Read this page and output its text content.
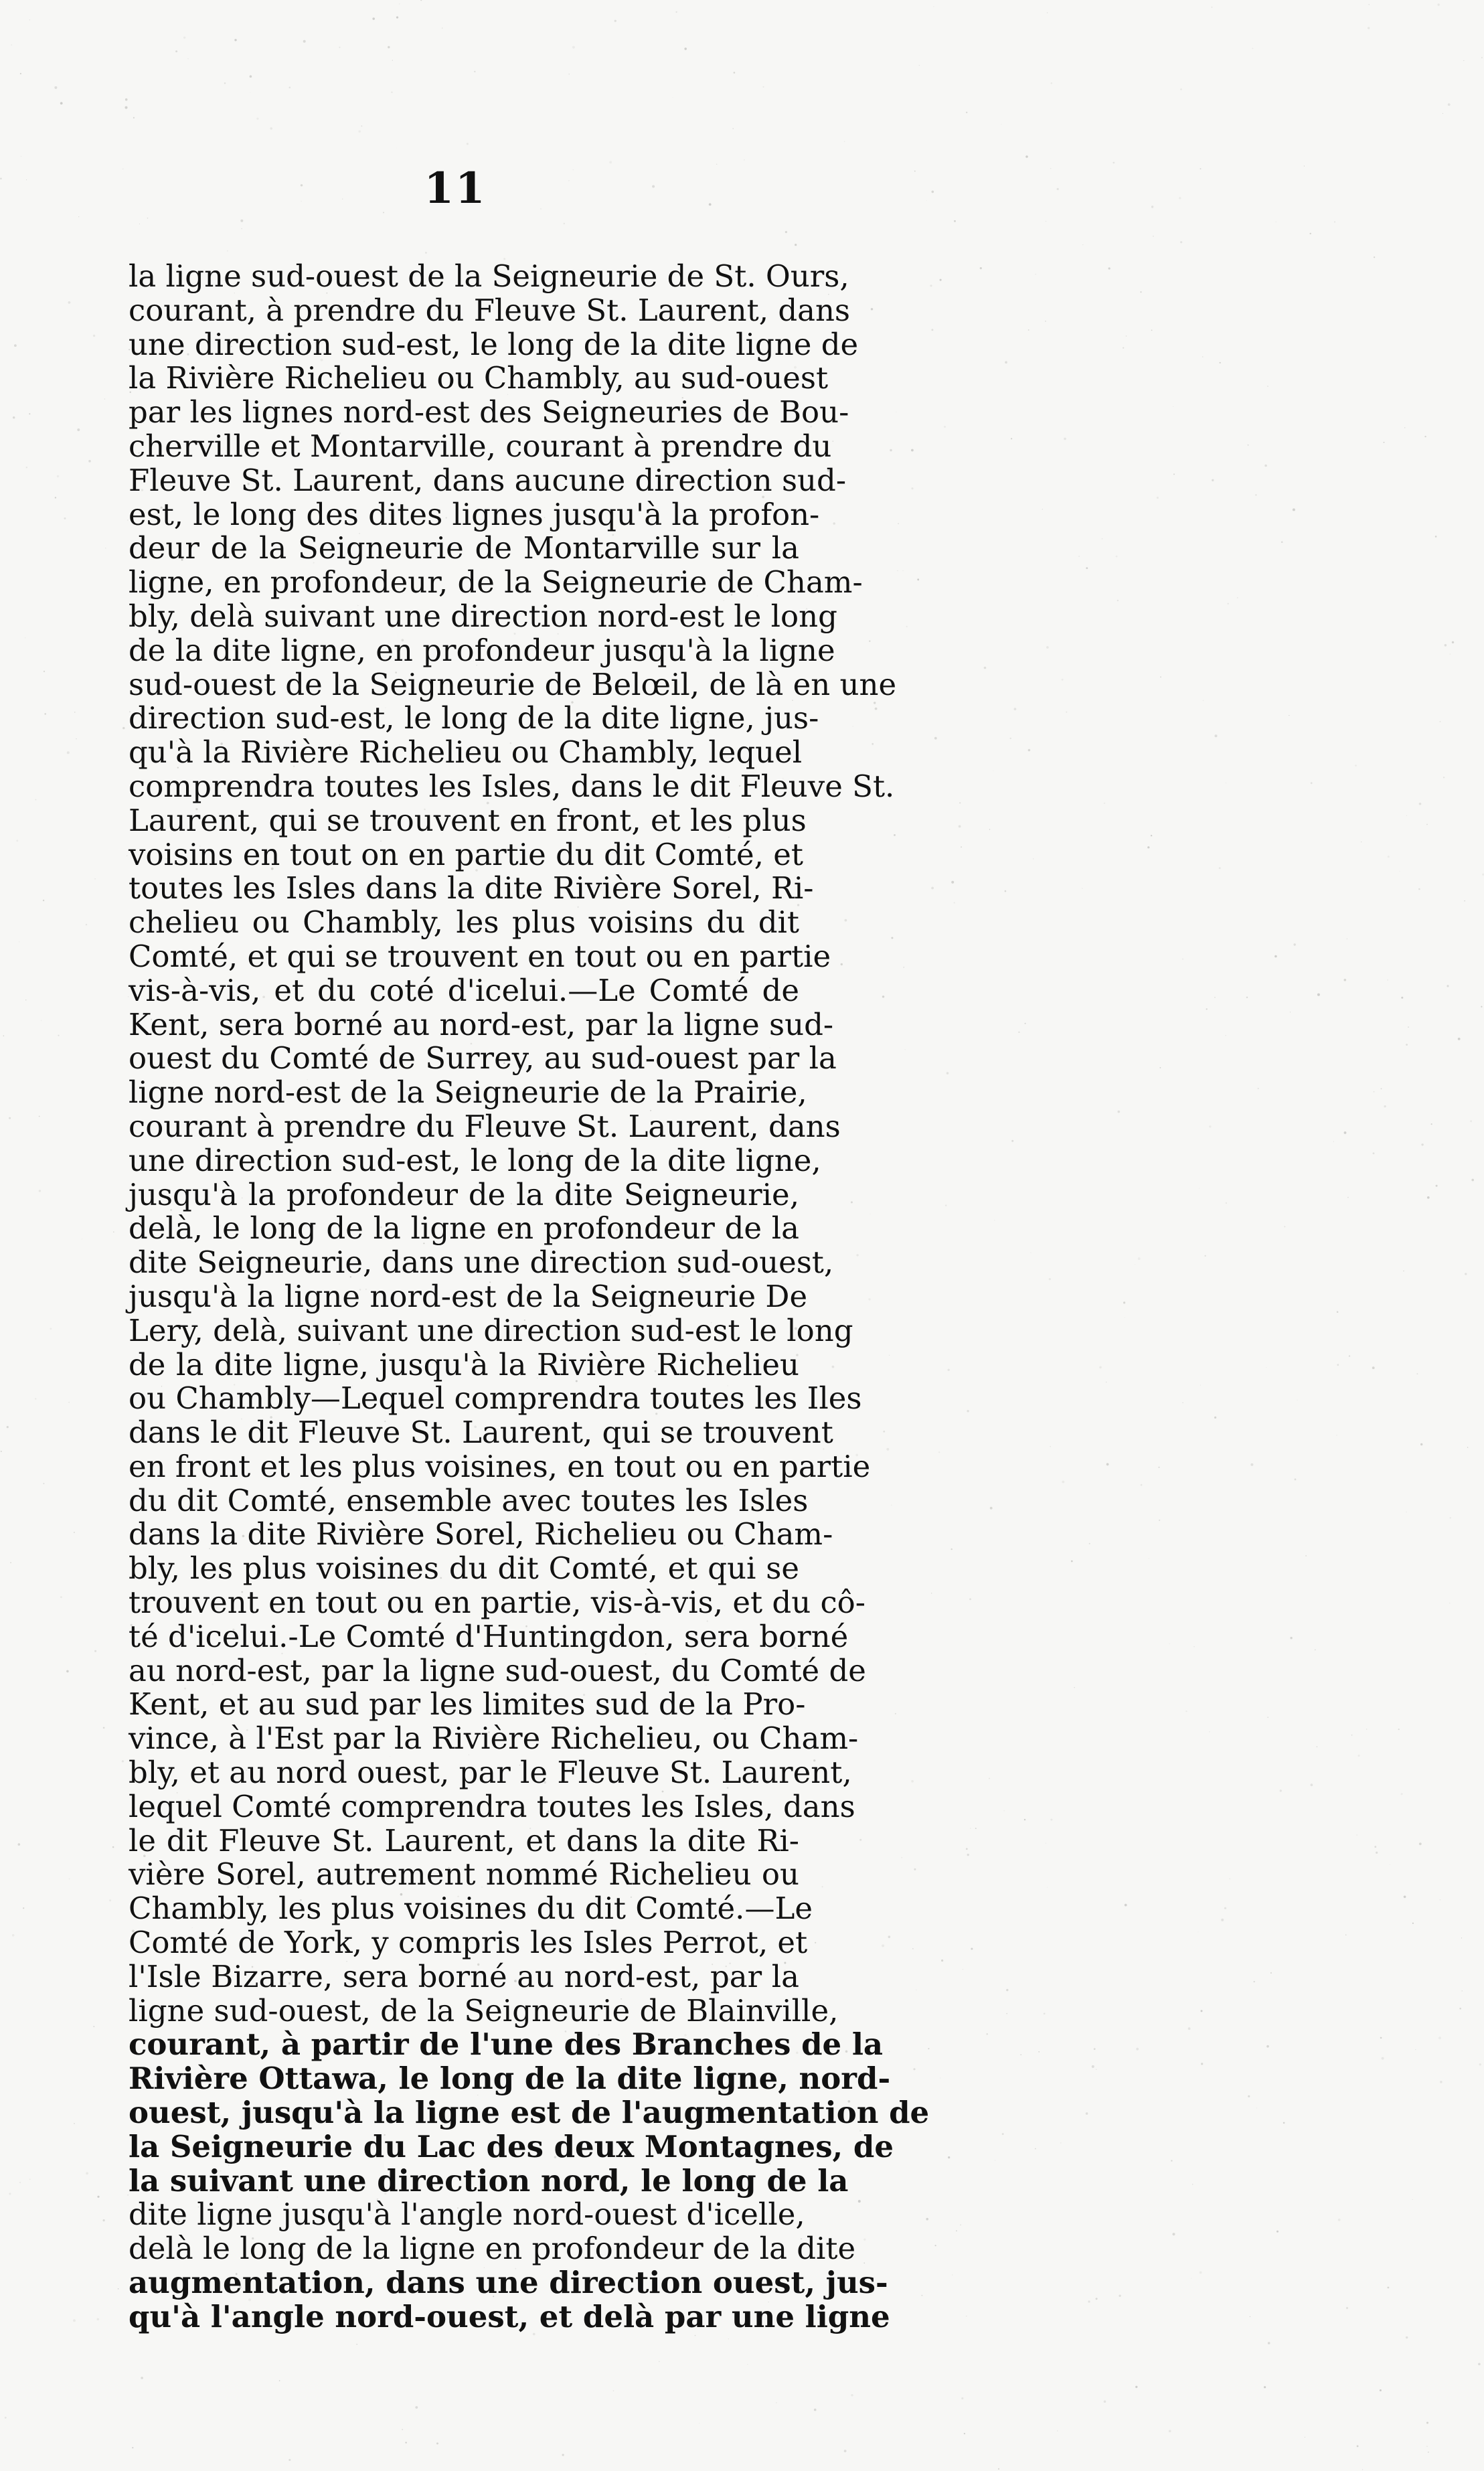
11
la ligne sud-ouest de la Seigneurie de St. Ours,
courant, à prendre du Fleuve St. Laurent, dans
une direction sud-est, le long de la dite ligne de
la Rivière Richelieu ou Chambly, au sud-ouest
par les lignes nord-est des Seigneuries de Bou-
cherville et Montarville, courant à prendre du
Fleuve St. Laurent, dans aucune direction sud-
est, le long des dites lignes jusqu'à la profon-
deur de la Seigneurie de Montarville sur la
ligne, en profondeur, de la Seigneurie de Cham-
bly, delà suivant une direction nord-est le long
de la dite ligne, en profondeur jusqu'à la ligne
sud-ouest de la Seigneurie de Belœil, de là en une
direction sud-est, le long de la dite ligne, jus-
qu'à la Rivière Richelieu ou Chambly, lequel
comprendra toutes les Isles, dans le dit Fleuve St.
Laurent, qui se trouvent en front, et les plus
voisins en tout on en partie du dit Comté, et
toutes les Isles dans la dite Rivière Sorel, Ri-
chelieu ou Chambly, les plus voisins du dit
Comté, et qui se trouvent en tout ou en partie
vis-à-vis, et du coté d'icelui.—Le Comté de
Kent, sera borné au nord-est, par la ligne sud-
ouest du Comté de Surrey, au sud-ouest par la
ligne nord-est de la Seigneurie de la Prairie,
courant à prendre du Fleuve St. Laurent, dans
une direction sud-est, le long de la dite ligne,
jusqu'à la profondeur de la dite Seigneurie,
delà, le long de la ligne en profondeur de la
dite Seigneurie, dans une direction sud-ouest,
jusqu'à la ligne nord-est de la Seigneurie De
Lery, delà, suivant une direction sud-est le long
de la dite ligne, jusqu'à la Rivière Richelieu
ou Chambly—Lequel comprendra toutes les Iles
dans le dit Fleuve St. Laurent, qui se trouvent
en front et les plus voisines, en tout ou en partie
du dit Comté, ensemble avec toutes les Isles
dans la dite Rivière Sorel, Richelieu ou Cham-
bly, les plus voisines du dit Comté, et qui se
trouvent en tout ou en partie, vis-à-vis, et du cô-
té d'icelui.-Le Comté d'Huntingdon, sera borné
au nord-est, par la ligne sud-ouest, du Comté de
Kent, et au sud par les limites sud de la Pro-
vince, à l'Est par la Rivière Richelieu, ou Cham-
bly, et au nord ouest, par le Fleuve St. Laurent,
lequel Comté comprendra toutes les Isles, dans
le dit Fleuve St. Laurent, et dans la dite Ri-
vière Sorel, autrement nommé Richelieu ou
Chambly, les plus voisines du dit Comté.—Le
Comté de York, y compris les Isles Perrot, et
l'Isle Bizarre, sera borné au nord-est, par la
ligne sud-ouest, de la Seigneurie de Blainville,
courant, à partir de l'une des Branches de la
Rivière Ottawa, le long de la dite ligne, nord-
ouest, jusqu'à la ligne est de l'augmentation de
la Seigneurie du Lac des deux Montagnes, de
la suivant une direction nord, le long de la
dite ligne jusqu'à l'angle nord-ouest d'icelle,
delà le long de la ligne en profondeur de la dite
augmentation, dans une direction ouest, jus-
qu'à l'angle nord-ouest, et delà par une ligne
